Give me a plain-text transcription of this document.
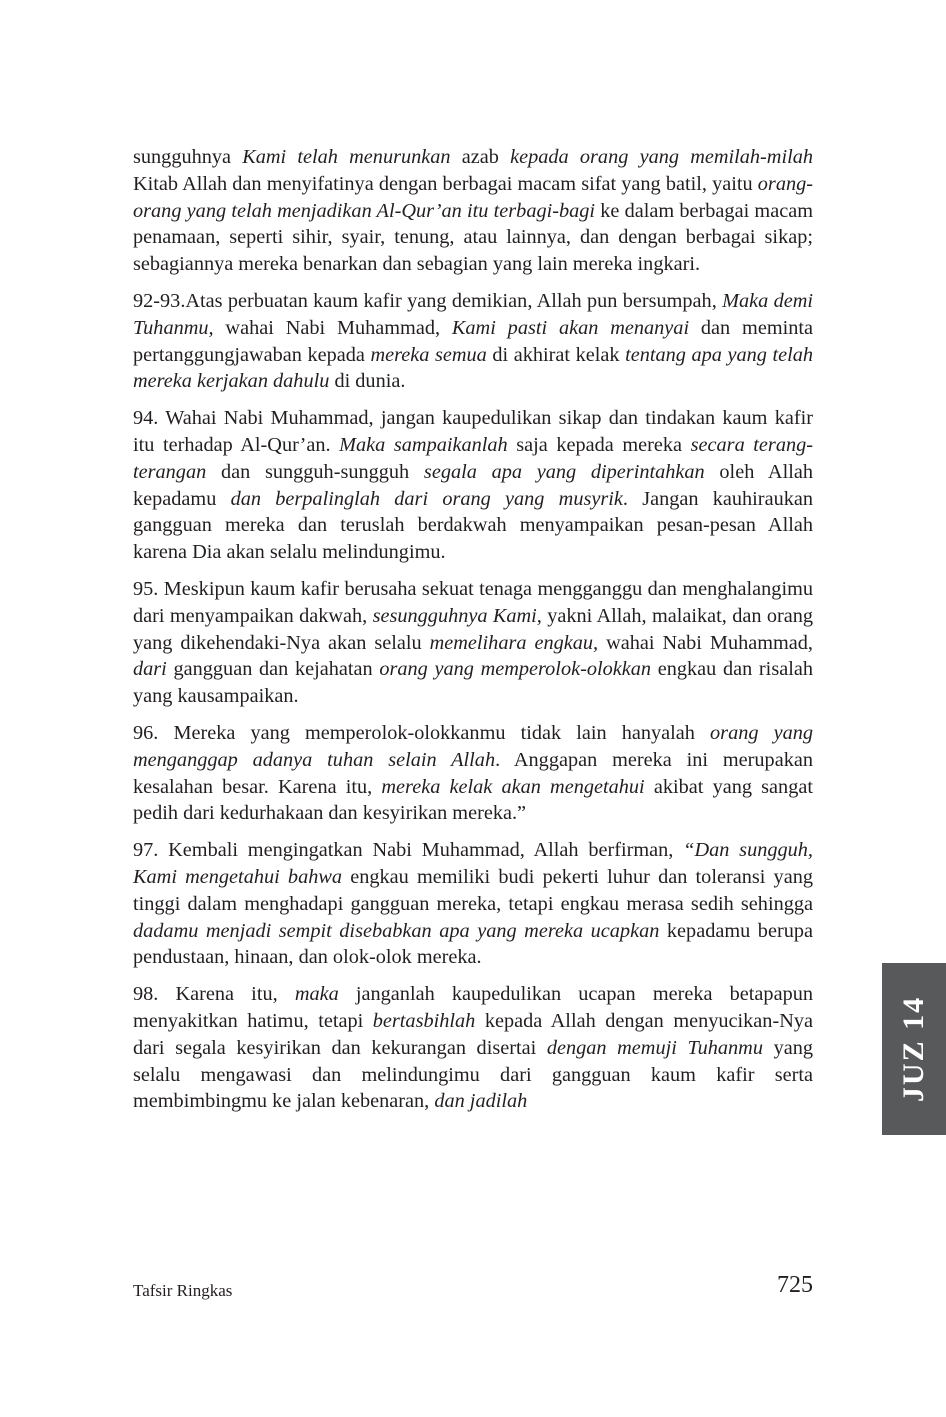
sungguhnya Kami telah menurunkan azab kepada orang yang memilah-milah Kitab Allah dan menyifatinya dengan berbagai macam sifat yang batil, yaitu orang-orang yang telah menjadikan Al-Qur’an itu terbagi-bagi ke dalam berbagai macam penamaan, seperti sihir, syair, tenung, atau lainnya, dan dengan berbagai sikap; sebagiannya mereka benarkan dan sebagian yang lain mereka ingkari.

92-93.Atas perbuatan kaum kafir yang demikian, Allah pun bersumpah, Maka demi Tuhanmu, wahai Nabi Muhammad, Kami pasti akan menanyai dan meminta pertanggungjawaban kepada mereka semua di akhirat kelak tentang apa yang telah mereka kerjakan dahulu di dunia.

94. Wahai Nabi Muhammad, jangan kaupedulikan sikap dan tindakan kaum kafir itu terhadap Al-Qur’an. Maka sampaikanlah saja kepada mereka secara terang-terangan dan sungguh-sungguh segala apa yang diperintahkan oleh Allah kepadamu dan berpalinglah dari orang yang musyrik. Jangan kauhiraukan gangguan mereka dan teruslah berdakwah menyampaikan pesan-pesan Allah karena Dia akan selalu melindungimu.

95. Meskipun kaum kafir berusaha sekuat tenaga mengganggu dan menghalangimu dari menyampaikan dakwah, sesungguhnya Kami, yakni Allah, malaikat, dan orang yang dikehendaki-Nya akan selalu memelihara engkau, wahai Nabi Muhammad, dari gangguan dan kejahatan orang yang memperolok-olokkan engkau dan risalah yang kausampaikan.

96. Mereka yang memperolok-olokkanmu tidak lain hanyalah orang yang menganggap adanya tuhan selain Allah. Anggapan mereka ini merupakan kesalahan besar. Karena itu, mereka kelak akan mengetahui akibat yang sangat pedih dari kedurhakaan dan kesyirikan mereka.”

97. Kembali mengingatkan Nabi Muhammad, Allah berfirman, “Dan sungguh, Kami mengetahui bahwa engkau memiliki budi pekerti luhur dan toleransi yang tinggi dalam menghadapi gangguan mereka, tetapi engkau merasa sedih sehingga dadamu menjadi sempit disebabkan apa yang mereka ucapkan kepadamu berupa pendustaan, hinaan, dan olok-olok mereka.

98. Karena itu, maka janganlah kaupedulikan ucapan mereka betapapun menyakitkan hatimu, tetapi bertasbihlah kepada Allah dengan menyucikan-Nya dari segala kesyirikan dan kekurangan disertai dengan memuji Tuhanmu yang selalu mengawasi dan melindungimu dari gangguan kaum kafir serta membimbingmu ke jalan kebenaran, dan jadilah	JUZ 14
Tafsir Ringkas	725
